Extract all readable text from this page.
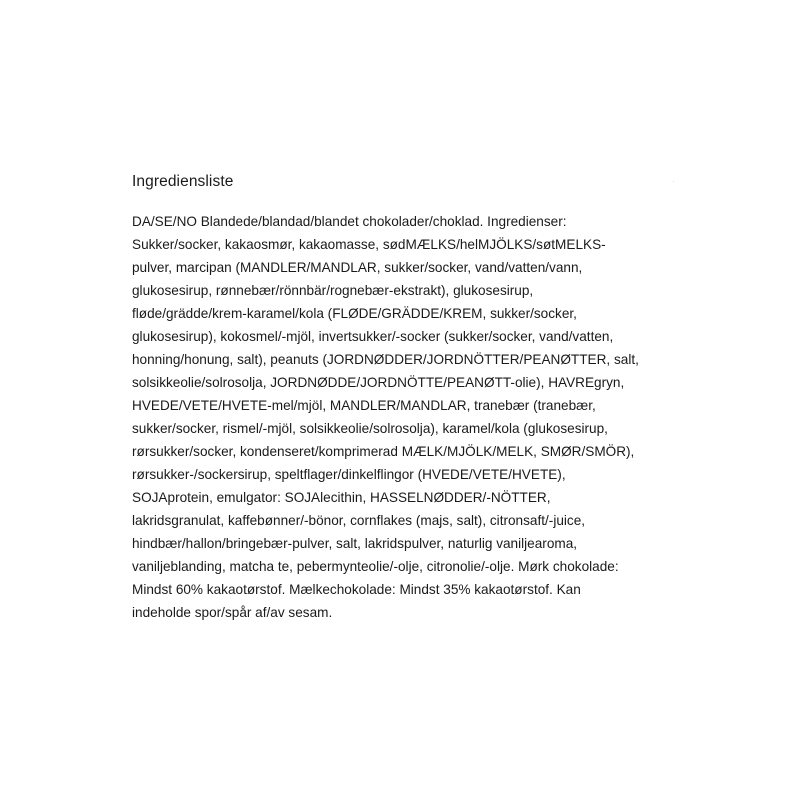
Ingrediensliste
DA/SE/NO Blandede/blandad/blandet chokolader/choklad. Ingredienser:
Sukker/socker, kakaosmør, kakaomasse, sødMÆLKS/helMJÖLKS/søtMELKS-
pulver, marcipan (MANDLER/MANDLAR, sukker/socker, vand/vatten/vann,
glukosesirup, rønnebær/rönnbär/rognebær-ekstrakt), glukosesirup,
fløde/grädde/krem-karamel/kola (FLØDE/GRÄDDE/KREM, sukker/socker,
glukosesirup), kokosmel/-mjöl, invertsukker/-socker (sukker/socker, vand/vatten,
honning/honung, salt), peanuts (JORDNØDDER/JORDNÖTTER/PEANØTTER, salt,
solsikkeolie/solrosolja, JORDNØDDE/JORDNÖTTE/PEANØTT-olie), HAVREgryn,
HVEDE/VETE/HVETE-mel/mjöl, MANDLER/MANDLAR, tranebær (tranebær,
sukker/socker, rismel/-mjöl, solsikkeolie/solrosolja), karamel/kola (glukosesirup,
rørsukker/socker, kondenseret/komprimerad MÆLK/MJÖLK/MELK, SMØR/SMÖR),
rørsukker-/sockersirup, speltflager/dinkelflingor (HVEDE/VETE/HVETE),
SOJAprotein, emulgator: SOJAlecithin, HASSELNØDDER/-NÖTTER,
lakridsgranulat, kaffebønner/-bönor, cornflakes (majs, salt), citronsaft/-juice,
hindbær/hallon/bringebær-pulver, salt, lakridspulver, naturlig vaniljearoma,
vaniljeblanding, matcha te, pebermynteolie/-olje, citronolie/-olje. Mørk chokolade:
Mindst 60% kakaotørstof. Mælkechokolade: Mindst 35% kakaotørstof. Kan
indeholde spor/spår af/av sesam.
